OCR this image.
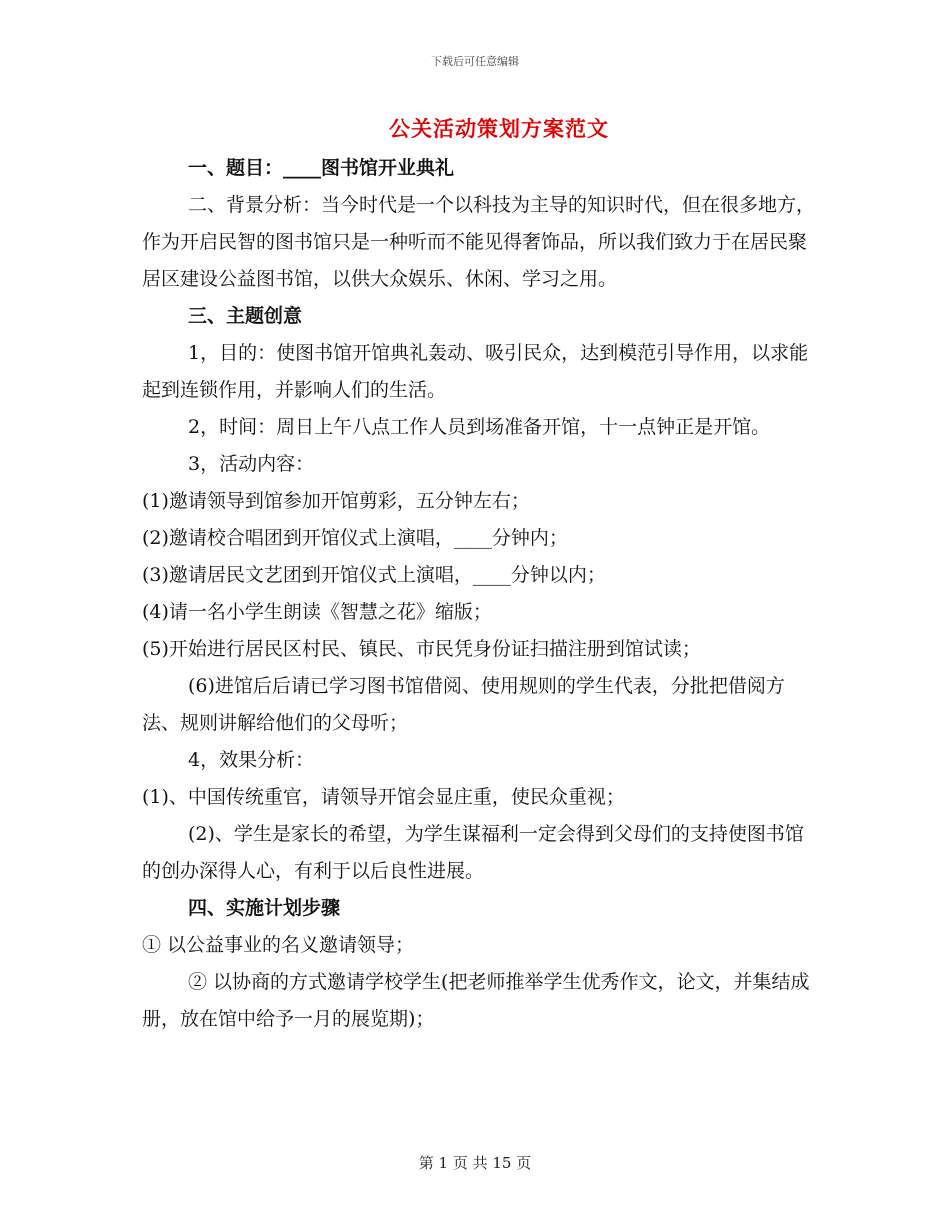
下载后可任意编辑
公关活动策划方案范文

一、题目：____图书馆开业典礼

二、背景分析：当今时代是一个以科技为主导的知识时代，但在很多地方，作为开启民智的图书馆只是一种听而不能见得奢饰品，所以我们致力于在居民聚居区建设公益图书馆，以供大众娱乐、休闲、学习之用。

三、主题创意

1，目的：使图书馆开馆典礼轰动、吸引民众，达到模范引导作用，以求能起到连锁作用，并影响人们的生活。

2，时间：周日上午八点工作人员到场准备开馆，十一点钟正是开馆。

3，活动内容：

(1)邀请领导到馆参加开馆剪彩，五分钟左右；

(2)邀请校合唱团到开馆仪式上演唱，____分钟内；

(3)邀请居民文艺团到开馆仪式上演唱，____分钟以内；

(4)请一名小学生朗读《智慧之花》缩版；

(5)开始进行居民区村民、镇民、市民凭身份证扫描注册到馆试读；

(6)进馆后后请已学习图书馆借阅、使用规则的学生代表，分批把借阅方法、规则讲解给他们的父母听；

4，效果分析：

(1)、中国传统重官，请领导开馆会显庄重，使民众重视；

(2)、学生是家长的希望，为学生谋福利一定会得到父母们的支持使图书馆的创办深得人心，有利于以后良性进展。

四、实施计划步骤

① 以公益事业的名义邀请领导；

② 以协商的方式邀请学校学生(把老师推举学生优秀作文，论文，并集结成册，放在馆中给予一月的展览期)；

第 1 页 共 15 页
